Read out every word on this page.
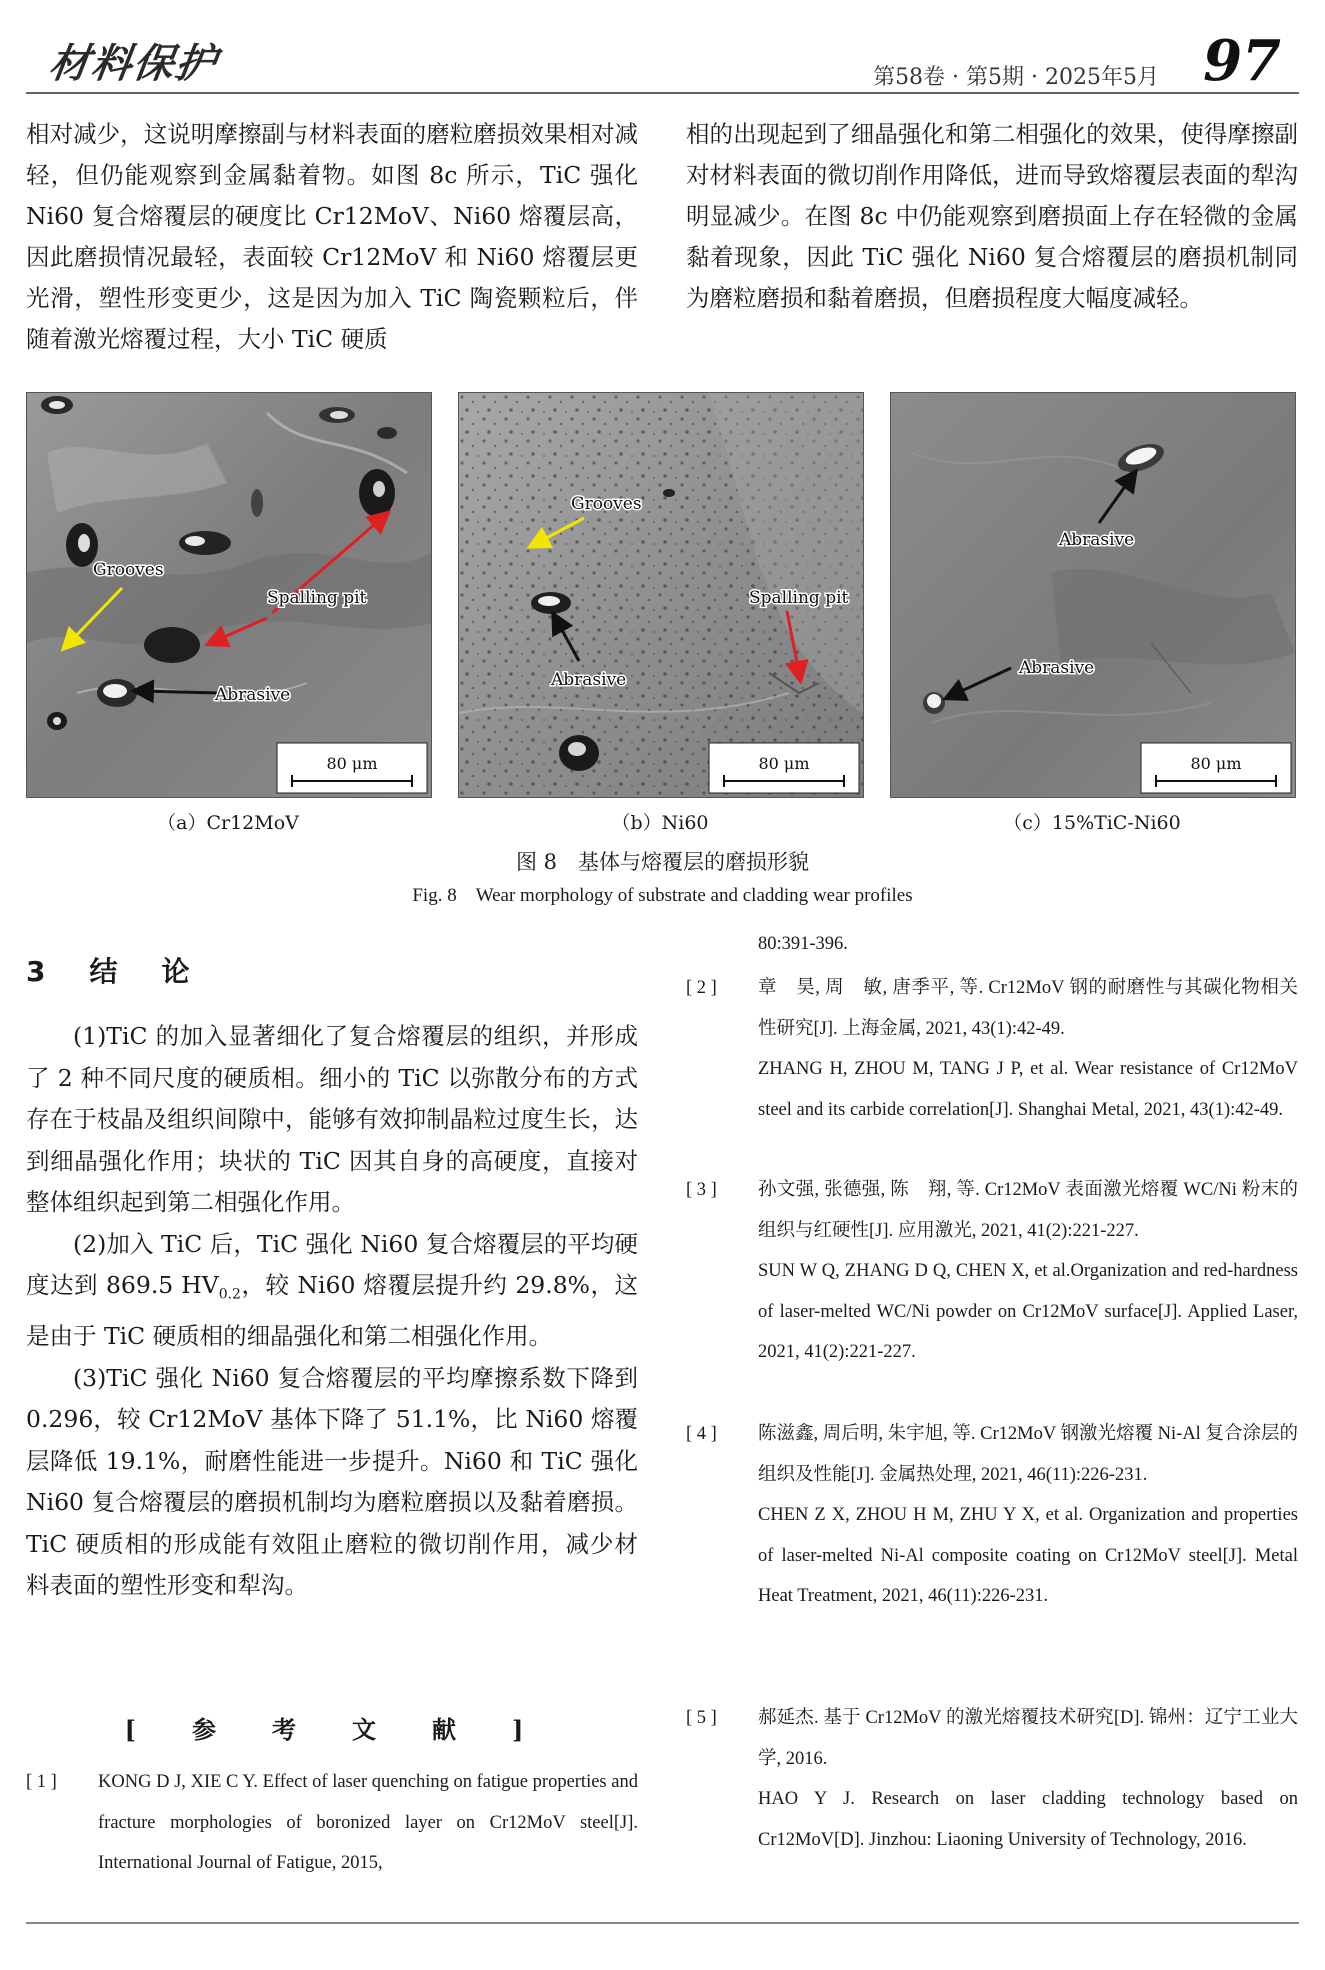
材料保护	第58卷 · 第5期 · 2025年5月 97

相对减少，这说明摩擦副与材料表面的磨粒磨损效果相对减轻，但仍能观察到金属黏着物。如图 8c 所示，TiC 强化 Ni60 复合熔覆层的硬度比 Cr12MoV、Ni60 熔覆层高，因此磨损情况最轻，表面较 Cr12MoV 和 Ni60 熔覆层更光滑，塑性形变更少，这是因为加入 TiC 陶瓷颗粒后，伴随着激光熔覆过程，大小 TiC 硬质

相的出现起到了细晶强化和第二相强化的效果，使得摩擦副对材料表面的微切削作用降低，进而导致熔覆层表面的犁沟明显减少。在图 8c 中仍能观察到磨损面上存在轻微的金属黏着现象，因此 TiC 强化 Ni60 复合熔覆层的磨损机制同为磨粒磨损和黏着磨损，但磨损程度大幅度减轻。

Grooves
Spalling pit
Abrasive
80 μm
Grooves
Spalling pit
Abrasive
80 μm
Abrasive
Abrasive
80 μm
（a）Cr12MoV	（b）Ni60	（c）15%TiC-Ni60
图 8　基体与熔覆层的磨损形貌
Fig. 8　Wear morphology of substrate and cladding wear profiles
3　结　论

(1)TiC 的加入显著细化了复合熔覆层的组织，并形成了 2 种不同尺度的硬质相。细小的 TiC 以弥散分布的方式存在于枝晶及组织间隙中，能够有效抑制晶粒过度生长，达到细晶强化作用；块状的 TiC 因其自身的高硬度，直接对整体组织起到第二相强化作用。

(2)加入 TiC 后，TiC 强化 Ni60 复合熔覆层的平均硬度达到 869.5 $HV_{0.2}$，较 Ni60 熔覆层提升约 29.8%，这是由于 TiC 硬质相的细晶强化和第二相强化作用。

(3)TiC 强化 Ni60 复合熔覆层的平均摩擦系数下降到 0.296，较 Cr12MoV 基体下降了 51.1%，比 Ni60 熔覆层降低 19.1%，耐磨性能进一步提升。Ni60 和 TiC 强化 Ni60 复合熔覆层的磨损机制均为磨粒磨损以及黏着磨损。TiC 硬质相的形成能有效阻止磨粒的微切削作用，减少材料表面的塑性形变和犁沟。

[　参　考　文　献　]
[ 1 ]	KONG D J, XIE C Y. Effect of laser quenching on fatigue properties and fracture morphologies of boronized layer on Cr12MoV steel[J]. International Journal of Fatigue, 2015,
80:391-396.
[ 2 ]	章　昊, 周　敏, 唐季平, 等. Cr12MoV 钢的耐磨性与其碳化物相关性研究[J]. 上海金属, 2021, 43(1):42-49.
ZHANG H, ZHOU M, TANG J P, et al. Wear resistance of Cr12MoV steel and its carbide correlation[J]. Shanghai Metal, 2021, 43(1):42-49.
[ 3 ]	孙文强, 张德强, 陈　翔, 等. Cr12MoV 表面激光熔覆 WC/Ni 粉末的组织与红硬性[J]. 应用激光, 2021, 41(2):221-227.
SUN W Q, ZHANG D Q, CHEN X, et al.Organization and red-hardness of laser-melted WC/Ni powder on Cr12MoV surface[J]. Applied Laser, 2021, 41(2):221-227.
[ 4 ]	陈滋鑫, 周后明, 朱宇旭, 等. Cr12MoV 钢激光熔覆 Ni-Al 复合涂层的组织及性能[J]. 金属热处理, 2021, 46(11):226-231.
CHEN Z X, ZHOU H M, ZHU Y X, et al. Organization and properties of laser-melted Ni-Al composite coating on Cr12MoV steel[J]. Metal Heat Treatment, 2021, 46(11):226-231.
[ 5 ]	郝延杰. 基于 Cr12MoV 的激光熔覆技术研究[D]. 锦州：辽宁工业大学, 2016.
HAO Y J. Research on laser cladding technology based on Cr12MoV[D]. Jinzhou: Liaoning University of Technology, 2016.
